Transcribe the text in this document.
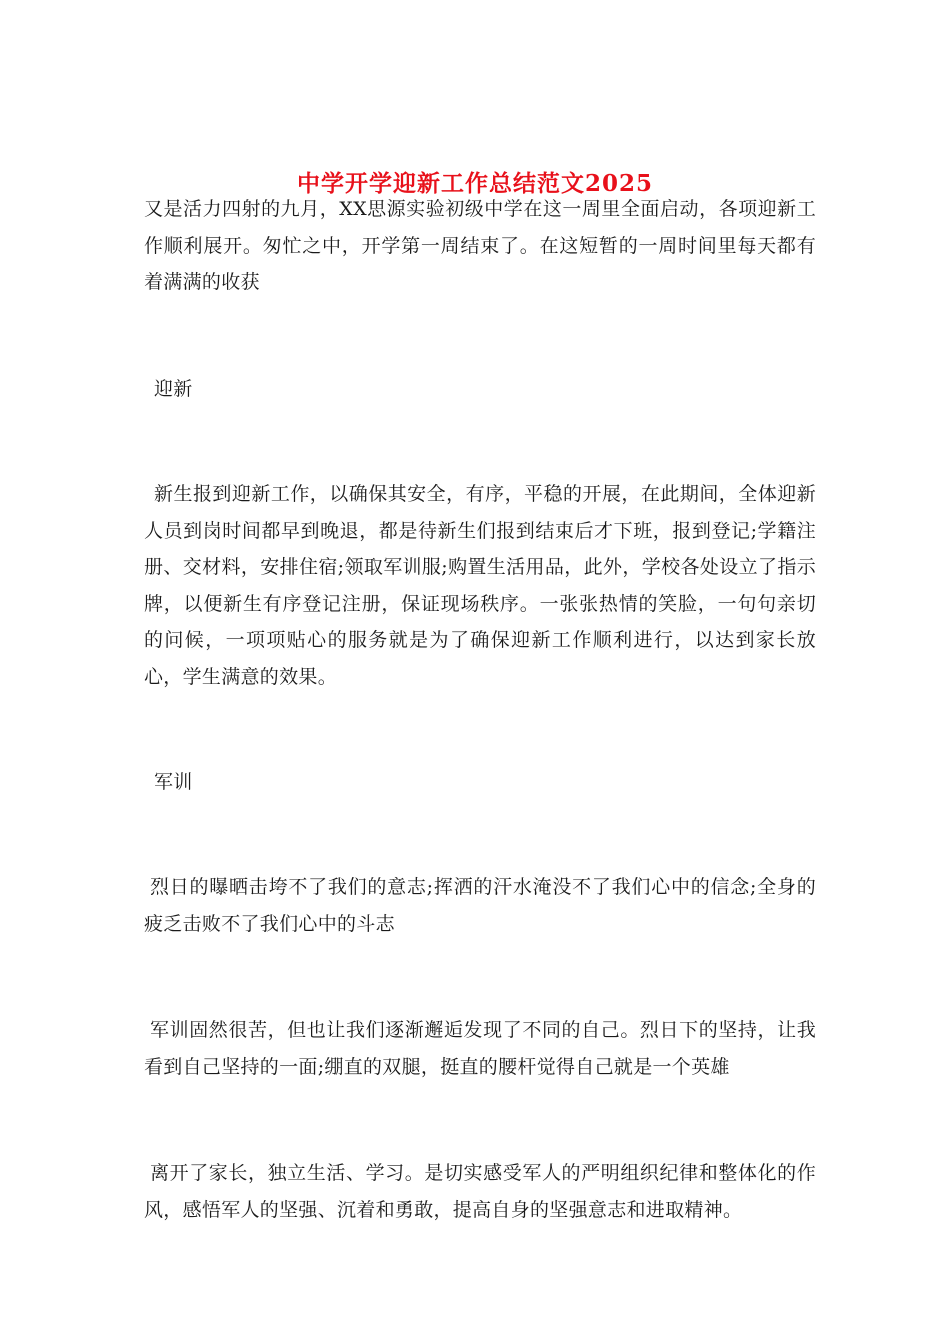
中学开学迎新工作总结范文2025

又是活力四射的九月，XX思源实验初级中学在这一周里全面启动，各项迎新工作顺利展开。匆忙之中，开学第一周结束了。在这短暂的一周时间里每天都有着满满的收获

迎新

新生报到迎新工作，以确保其安全，有序，平稳的开展，在此期间，全体迎新人员到岗时间都早到晚退，都是待新生们报到结束后才下班，报到登记;学籍注册、交材料，安排住宿;领取军训服;购置生活用品，此外，学校各处设立了指示牌，以便新生有序登记注册，保证现场秩序。一张张热情的笑脸，一句句亲切的问候，一项项贴心的服务就是为了确保迎新工作顺利进行，以达到家长放心，学生满意的效果。

军训

烈日的曝晒击垮不了我们的意志;挥洒的汗水淹没不了我们心中的信念;全身的疲乏击败不了我们心中的斗志

军训固然很苦，但也让我们逐渐邂逅发现了不同的自己。烈日下的坚持，让我看到自己坚持的一面;绷直的双腿，挺直的腰杆觉得自己就是一个英雄

离开了家长，独立生活、学习。是切实感受军人的严明组织纪律和整体化的作风，感悟军人的坚强、沉着和勇敢，提高自身的坚强意志和进取精神。
